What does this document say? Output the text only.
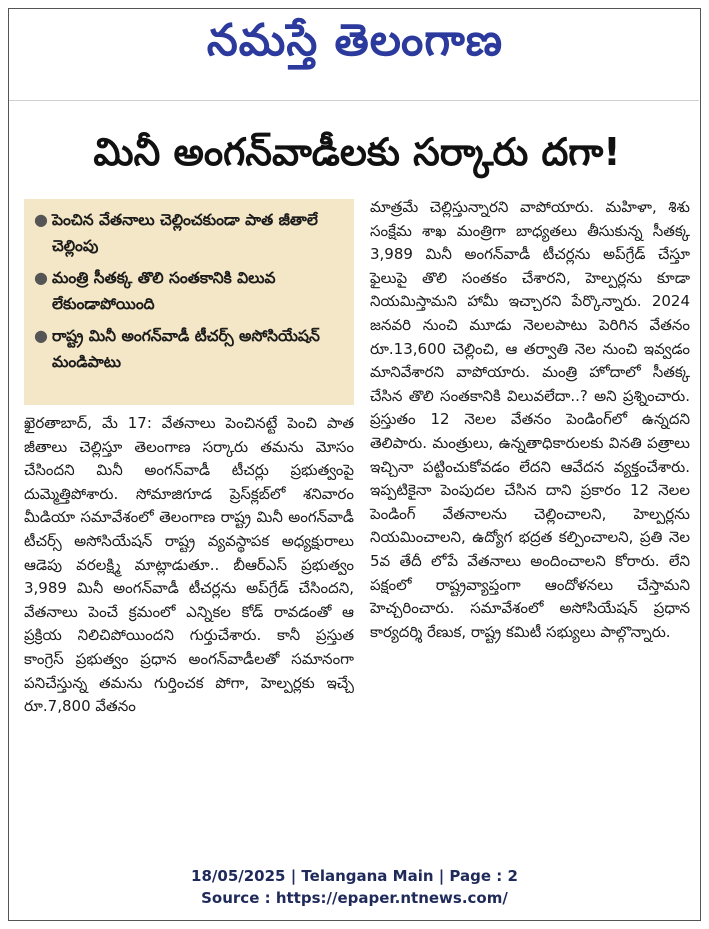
నమస్తే తెలంగాణ
మినీ అంగన్‌వాడీలకు సర్కారు దగా!
● పెంచిన వేతనాలు చెల్లించకుండా పాత జీతాలే చెల్లింపు
● మంత్రి సీతక్క తొలి సంతకానికి విలువ లేకుండాపోయింది
● రాష్ట్ర మినీ అంగన్‌వాడీ టీచర్స్ అసోసియేషన్ మండిపాటు

ఖైరతాబాద్, మే 17: వేతనాలు పెంచినట్టే పెంచి పాత జీతాలు చెల్లిస్తూ తెలంగాణ సర్కారు తమను మోసం చేసిందని మినీ అంగన్‌వాడీ టీచర్లు ప్రభుత్వంపై దుమ్మెత్తిపోశారు. సోమాజిగూడ ప్రెస్‌క్లబ్‌లో శనివారం మీడియా సమావేశంలో తెలంగాణ రాష్ట్ర మినీ అంగన్‌వాడీ టీచర్స్ అసోసియేషన్ రాష్ట్ర వ్యవస్థాపక అధ్యక్షురాలు ఆడెపు వరలక్ష్మి మాట్లాడుతూ.. బీఆర్‌ఎస్ ప్రభుత్వం 3,989 మినీ అంగన్‌వాడీ టీచర్లను అప్‌గ్రేడ్ చేసిందని, వేతనాలు పెంచే క్రమంలో ఎన్నికల కోడ్ రావడంతో ఆ ప్రక్రియ నిలిచిపోయిందని గుర్తుచేశారు. కానీ ప్రస్తుత కాంగ్రెస్ ప్రభుత్వం ప్రధాన అంగన్‌వాడీలతో సమానంగా పనిచేస్తున్న తమను గుర్తించక పోగా, హెల్పర్లకు ఇచ్చే రూ.7,800 వేతనం

మాత్రమే చెల్లిస్తున్నారని వాపోయారు. మహిళా, శిశు సంక్షేమ శాఖ మంత్రిగా బాధ్యతలు తీసుకున్న సీతక్క 3,989 మినీ అంగన్‌వాడీ టీచర్లను అప్‌గ్రేడ్ చేస్తూ ఫైలుపై తొలి సంతకం చేశారని, హెల్పర్లను కూడా నియమిస్తామని హామీ ఇచ్చారని పేర్కొన్నారు. 2024 జనవరి నుంచి మూడు నెలలపాటు పెరిగిన వేతనం రూ.13,600 చెల్లించి, ఆ తర్వాతి నెల నుంచి ఇవ్వడం మానివేశారని వాపోయారు. మంత్రి హోదాలో సీతక్క చేసిన తొలి సంతకానికి విలువలేదా..? అని ప్రశ్నించారు. ప్రస్తుతం 12 నెలల వేతనం పెండింగ్‌లో ఉన్నదని తెలిపారు. మంత్రులు, ఉన్నతాధికారులకు వినతి పత్రాలు ఇచ్చినా పట్టించుకోవడం లేదని ఆవేదన వ్యక్తంచేశారు. ఇప్పటికైనా పెంపుదల చేసిన దాని ప్రకారం 12 నెలల పెండింగ్ వేతనాలను చెల్లించాలని, హెల్పర్లను నియమించాలని, ఉద్యోగ భద్రత కల్పించాలని, ప్రతి నెల 5వ తేదీ లోపే వేతనాలు అందించాలని కోరారు. లేని పక్షంలో రాష్ట్రవ్యాప్తంగా ఆందోళనలు చేస్తామని హెచ్చరించారు. సమావేశంలో అసోసియేషన్ ప్రధాన కార్యదర్శి రేణుక, రాష్ట్ర కమిటీ సభ్యులు పాల్గొన్నారు.

18/05/2025 | Telangana Main | Page : 2
Source : https://epaper.ntnews.com/
